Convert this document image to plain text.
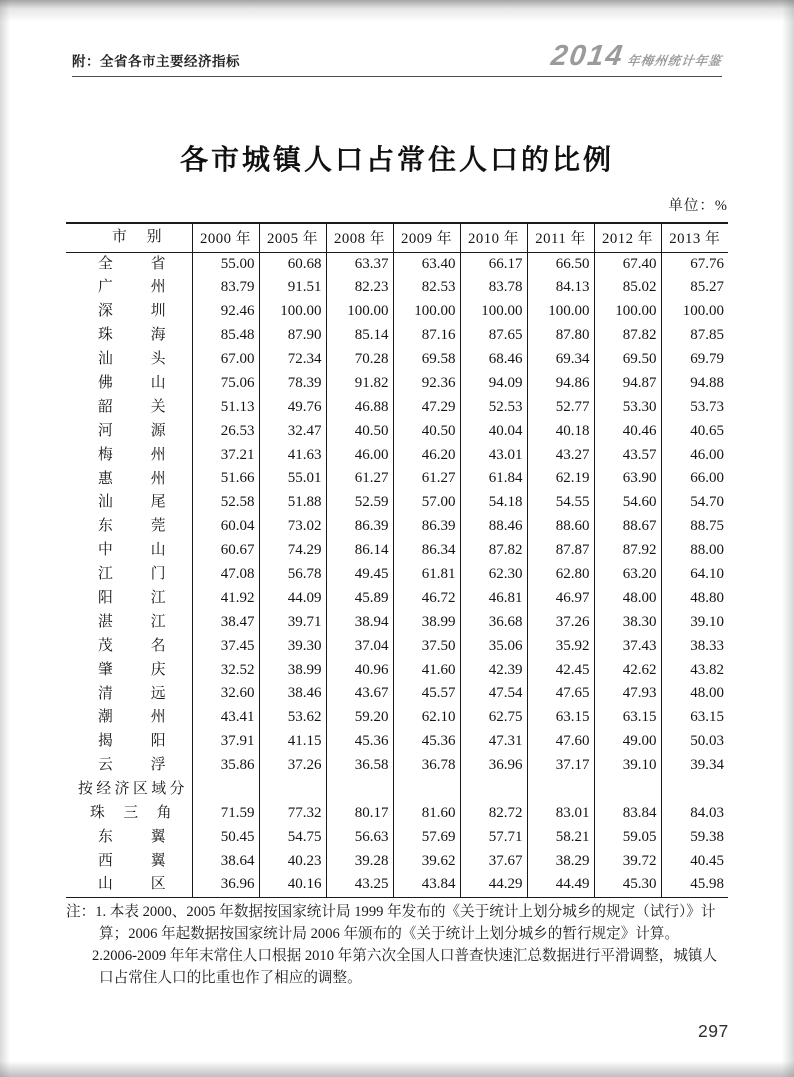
附：全省各市主要经济指标	2014 年梅州统计年鉴
各市城镇人口占常住人口的比例
单位：%
市 别	2000 年	2005 年	2008 年	2009 年	2010 年	2011 年	2012 年	2013 年

全 省	55.00	60.68	63.37	63.40	66.17	66.50	67.40	67.76

广 州	83.79	91.51	82.23	82.53	83.78	84.13	85.02	85.27

深 圳	92.46	100.00	100.00	100.00	100.00	100.00	100.00	100.00

珠 海	85.48	87.90	85.14	87.16	87.65	87.80	87.82	87.85

汕 头	67.00	72.34	70.28	69.58	68.46	69.34	69.50	69.79

佛 山	75.06	78.39	91.82	92.36	94.09	94.86	94.87	94.88

韶 关	51.13	49.76	46.88	47.29	52.53	52.77	53.30	53.73

河 源	26.53	32.47	40.50	40.50	40.04	40.18	40.46	40.65

梅 州	37.21	41.63	46.00	46.20	43.01	43.27	43.57	46.00

惠 州	51.66	55.01	61.27	61.27	61.84	62.19	63.90	66.00

汕 尾	52.58	51.88	52.59	57.00	54.18	54.55	54.60	54.70

东 莞	60.04	73.02	86.39	86.39	88.46	88.60	88.67	88.75

中 山	60.67	74.29	86.14	86.34	87.82	87.87	87.92	88.00

江 门	47.08	56.78	49.45	61.81	62.30	62.80	63.20	64.10

阳 江	41.92	44.09	45.89	46.72	46.81	46.97	48.00	48.80

湛 江	38.47	39.71	38.94	38.99	36.68	37.26	38.30	39.10

茂 名	37.45	39.30	37.04	37.50	35.06	35.92	37.43	38.33

肇 庆	32.52	38.99	40.96	41.60	42.39	42.45	42.62	43.82

清 远	32.60	38.46	43.67	45.57	47.54	47.65	47.93	48.00

潮 州	43.41	53.62	59.20	62.10	62.75	63.15	63.15	63.15

揭 阳	37.91	41.15	45.36	45.36	47.31	47.60	49.00	50.03

云 浮	35.86	37.26	36.58	36.78	36.96	37.17	39.10	39.34

按 经 济 区 域 分

珠 三 角	71.59	77.32	80.17	81.60	82.72	83.01	83.84	84.03

东 翼	50.45	54.75	56.63	57.69	57.71	58.21	59.05	59.38

西 翼	38.64	40.23	39.28	39.62	37.67	38.29	39.72	40.45

山 区	36.96	40.16	43.25	43.84	44.29	44.49	45.30	45.98
注：1. 本表 2000、2005 年数据按国家统计局 1999 年发布的《关于统计上划分城乡的规定（试行）》计算；2006 年起数据按国家统计局 2006 年颁布的《关于统计上划分城乡的暂行规定》计算。
2.2006-2009 年年末常住人口根据 2010 年第六次全国人口普查快速汇总数据进行平滑调整，城镇人口占常住人口的比重也作了相应的调整。
297
